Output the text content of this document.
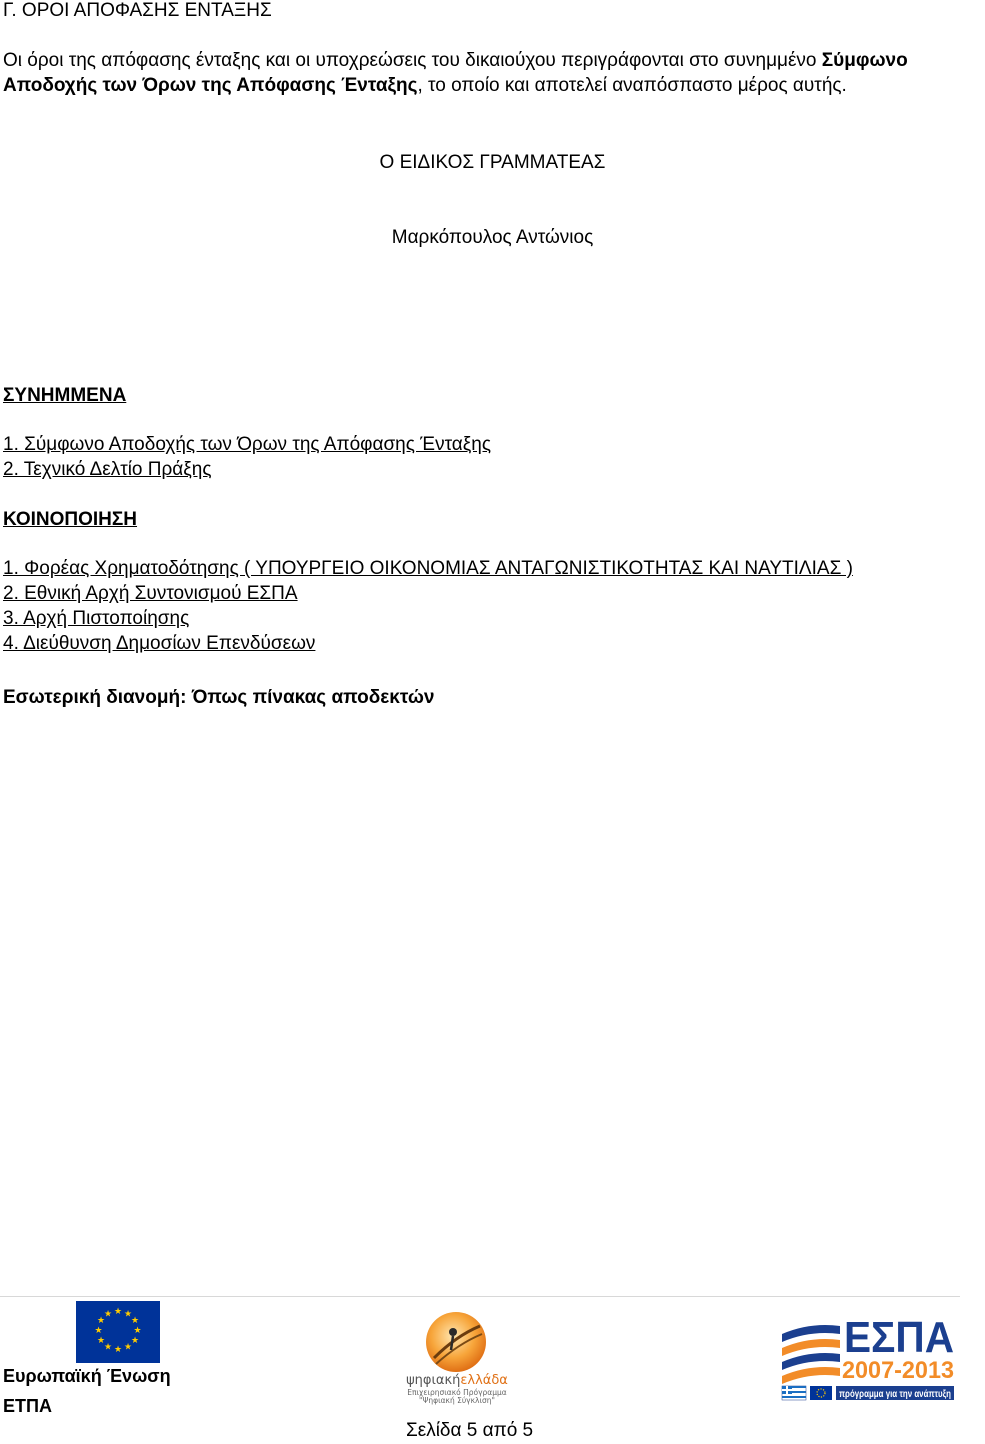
Γ. ΟΡΟΙ ΑΠΟΦΑΣΗΣ ΕΝΤΑΞΗΣ
Οι όροι της απόφασης ένταξης και οι υποχρεώσεις του δικαιούχου περιγράφονται στο συνημμένο Σύμφωνο Αποδοχής των Όρων της Απόφασης Ένταξης, το οποίο και αποτελεί αναπόσπαστο μέρος αυτής.
Ο ΕΙΔΙΚΟΣ ΓΡΑΜΜΑΤΕΑΣ
Μαρκόπουλος Αντώνιος
ΣΥΝΗΜΜΕΝΑ
1. Σύμφωνο Αποδοχής των Όρων της Απόφασης Ένταξης
2. Τεχνικό Δελτίο Πράξης
ΚΟΙΝΟΠΟΙΗΣΗ
1. Φορέας Χρηματοδότησης ( ΥΠΟΥΡΓΕΙΟ ΟΙΚΟΝΟΜΙΑΣ ΑΝΤΑΓΩΝΙΣΤΙΚΟΤΗΤΑΣ ΚΑΙ ΝΑΥΤΙΛΙΑΣ )
2. Εθνική Αρχή Συντονισμού ΕΣΠΑ
3. Αρχή Πιστοποίησης
4. Διεύθυνση Δημοσίων Επενδύσεων
Εσωτερική διανομή: Όπως πίνακας αποδεκτών
★ ★
★
★
★
★
★
★
★
★
★
★
Ευρωπαϊκή Ένωση
ΕΤΠΑ
ψηφιακήελλάδα
Επιχειρησιακό Πρόγραμμα
"Ψηφιακή Σύγκλιση"
ΕΣΠΑ
2007-2013
πρόγραμμα για την ανάπτυξη
Σελίδα 5 από 5
